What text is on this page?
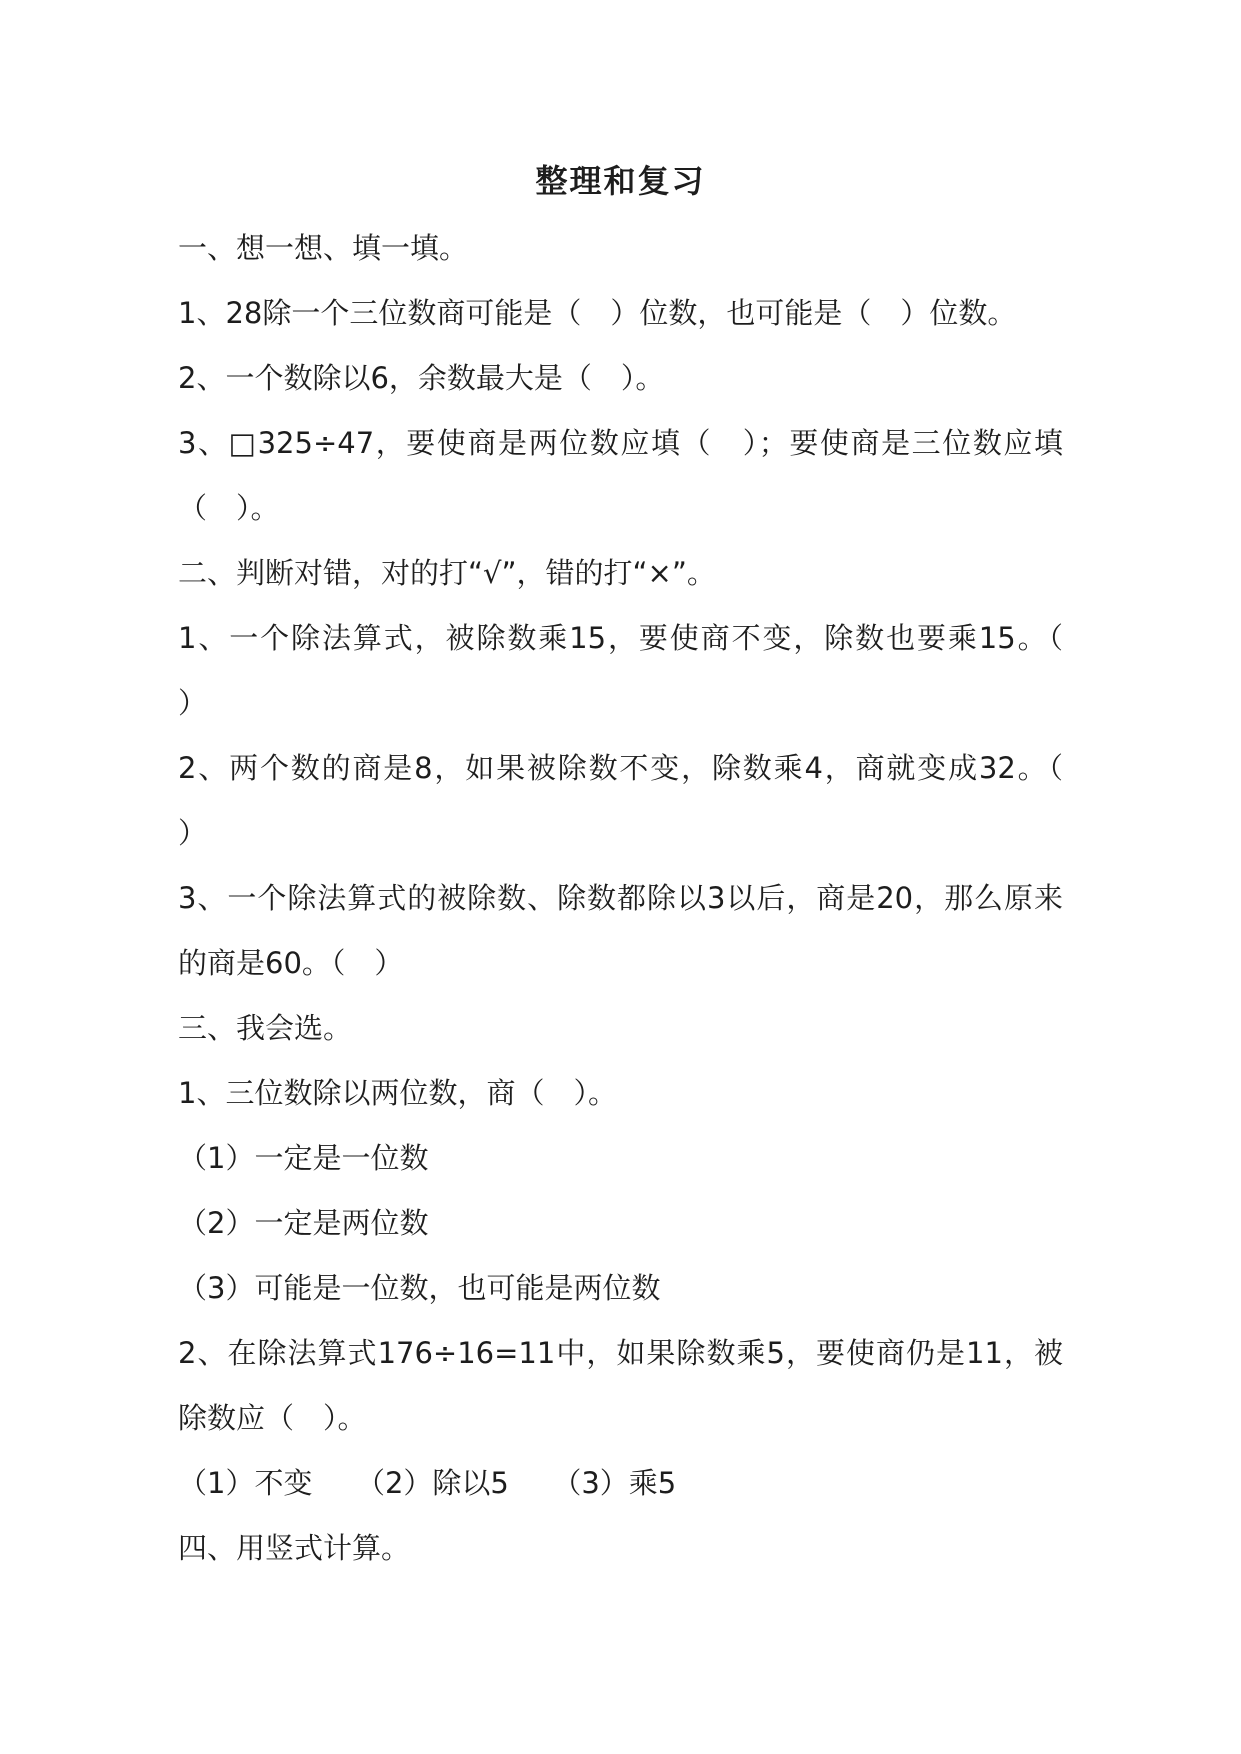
整理和复习
一、想一想、填一填。
1、28除一个三位数商可能是（　）位数，也可能是（　）位数。
2、一个数除以6，余数最大是（　）。
3、□325÷47，要使商是两位数应填（　）；要使商是三位数应填
（　）。
二、判断对错，对的打“√”，错的打“×”。
1、一个除法算式，被除数乘15，要使商不变，除数也要乘15。（
）
2、两个数的商是8，如果被除数不变，除数乘4，商就变成32。（
）
3、一个除法算式的被除数、除数都除以3以后，商是20，那么原来
的商是60。（　）
三、我会选。
1、三位数除以两位数，商（　）。
（1）一定是一位数
（2）一定是两位数
（3）可能是一位数，也可能是两位数
2、在除法算式176÷16=11中，如果除数乘5，要使商仍是11，被
除数应（　）。
（1）不变　　（2）除以5　　（3）乘5
四、用竖式计算。
